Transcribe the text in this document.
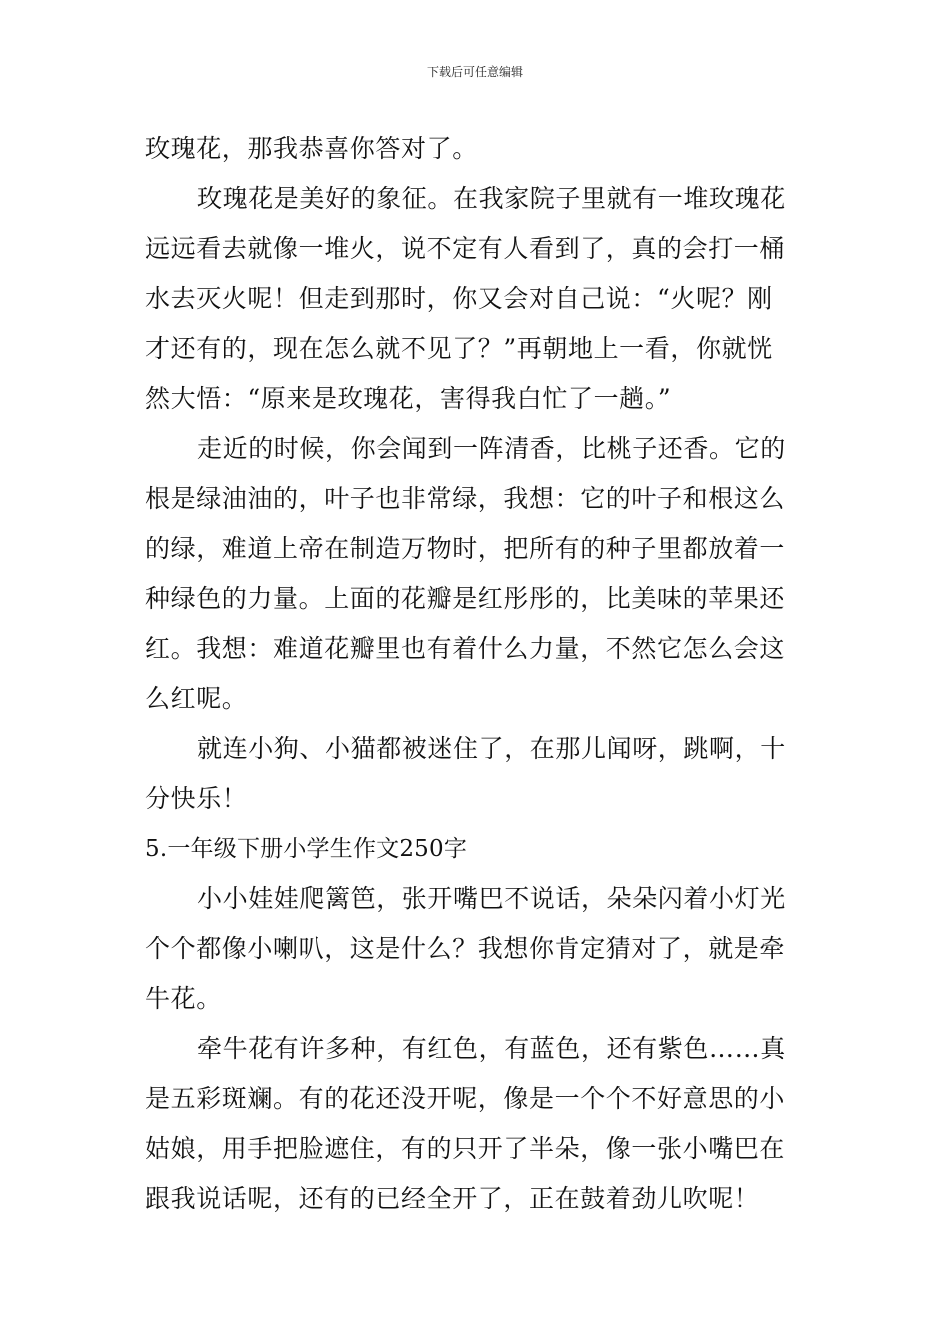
下载后可任意编辑
玫瑰花，那我恭喜你答对了。
玫瑰花是美好的象征。在我家院子里就有一堆玫瑰花
远远看去就像一堆火，说不定有人看到了，真的会打一桶
水去灭火呢！但走到那时，你又会对自己说：“火呢？刚
才还有的，现在怎么就不见了？”再朝地上一看，你就恍
然大悟：“原来是玫瑰花，害得我白忙了一趟。”
走近的时候，你会闻到一阵清香，比桃子还香。它的
根是绿油油的，叶子也非常绿，我想：它的叶子和根这么
的绿，难道上帝在制造万物时，把所有的种子里都放着一
种绿色的力量。上面的花瓣是红彤彤的，比美味的苹果还
红。我想：难道花瓣里也有着什么力量，不然它怎么会这
么红呢。
就连小狗、小猫都被迷住了，在那儿闻呀，跳啊，十
分快乐！
5.一年级下册小学生作文250字
小小娃娃爬篱笆，张开嘴巴不说话，朵朵闪着小灯光
个个都像小喇叭，这是什么？我想你肯定猜对了，就是牵
牛花。
牵牛花有许多种，有红色，有蓝色，还有紫色……真
是五彩斑斓。有的花还没开呢，像是一个个不好意思的小
姑娘，用手把脸遮住，有的只开了半朵，像一张小嘴巴在
跟我说话呢，还有的已经全开了，正在鼓着劲儿吹呢！
